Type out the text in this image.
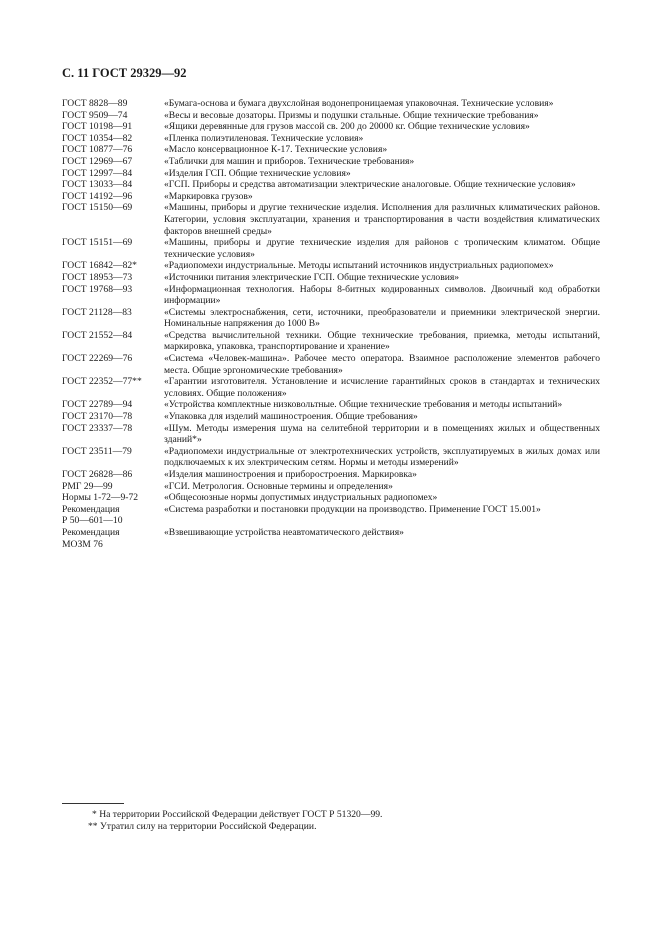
С. 11 ГОСТ 29329—92
ГОСТ 8828—89	«Бумага-основа и бумага двухслойная водонепроницаемая упаковочная. Технические условия»

ГОСТ 9509—74	«Весы и весовые дозаторы. Призмы и подушки стальные. Общие технические требования»

ГОСТ 10198—91	«Ящики деревянные для грузов массой св. 200 до 20000 кг. Общие технические условия»

ГОСТ 10354—82	«Пленка полиэтиленовая. Технические условия»

ГОСТ 10877—76	«Масло консервационное К-17. Технические условия»

ГОСТ 12969—67	«Таблички для машин и приборов. Технические требования»

ГОСТ 12997—84	«Изделия ГСП. Общие технические условия»

ГОСТ 13033—84	«ГСП. Приборы и средства автоматизации электрические аналоговые. Общие технические условия»

ГОСТ 14192—96	«Маркировка грузов»

ГОСТ 15150—69	«Машины, приборы и другие технические изделия. Исполнения для различных климатических районов. Категории, условия эксплуатации, хранения и транспортирования в части воздействия климатических факторов внешней среды»

ГОСТ 15151—69	«Машины, приборы и другие технические изделия для районов с тропическим климатом. Общие технические условия»

ГОСТ 16842—82*	«Радиопомехи индустриальные. Методы испытаний источников индустриальных радиопомех»

ГОСТ 18953—73	«Источники питания электрические ГСП. Общие технические условия»

ГОСТ 19768—93	«Информационная технология. Наборы 8-битных кодированных символов. Двоичный код обработки информации»

ГОСТ 21128—83	«Системы электроснабжения, сети, источники, преобразователи и приемники электрической энергии. Номинальные напряжения до 1000 В»

ГОСТ 21552—84	«Средства вычислительной техники. Общие технические требования, приемка, методы испытаний, маркировка, упаковка, транспортирование и хранение»

ГОСТ 22269—76	«Система «Человек-машина». Рабочее место оператора. Взаимное расположение элементов рабочего места. Общие эргономические требования»

ГОСТ 22352—77**	«Гарантии изготовителя. Установление и исчисление гарантийных сроков в стандартах и технических условиях. Общие положения»

ГОСТ 22789—94	«Устройства комплектные низковольтные. Общие технические требования и методы испытаний»

ГОСТ 23170—78	«Упаковка для изделий машиностроения. Общие требования»

ГОСТ 23337—78	«Шум. Методы измерения шума на селитебной территории и в помещениях жилых и общественных зданий*»

ГОСТ 23511—79	«Радиопомехи индустриальные от электротехнических устройств, эксплуатируемых в жилых домах или подключаемых к их электрическим сетям. Нормы и методы измерений»

ГОСТ 26828—86	«Изделия машиностроения и приборостроения. Маркировка»

РМГ 29—99	«ГСИ. Метрология. Основные термины и определения»

Нормы 1-72—9-72	«Общесоюзные нормы допустимых индустриальных радиопомех»

Рекомендация
Р 50—601—10	«Система разработки и постановки продукции на производство. Применение ГОСТ 15.001»

Рекомендация
МОЗМ 76	«Взвешивающие устройства неавтоматического действия»

* На территории Российской Федерации действует ГОСТ Р 51320—99.

** Утратил силу на территории Российской Федерации.
